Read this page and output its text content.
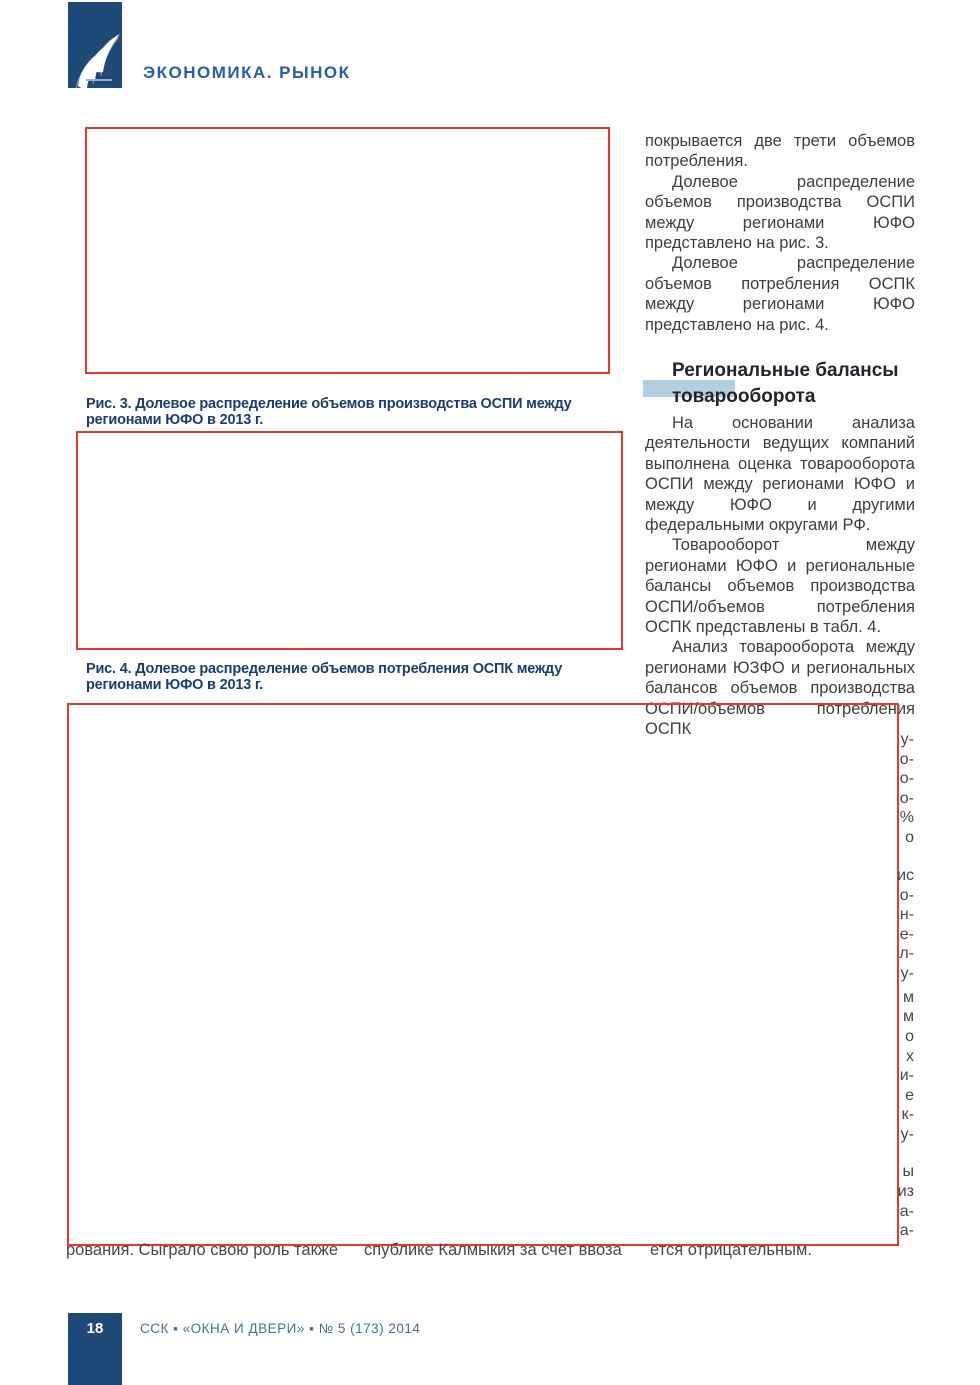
ЭКОНОМИКА. РЫНОК
Рис. 3. Долевое распределение объемов производства ОСПИ между регионами ЮФО в 2013 г.
Рис. 4. Долевое распределение объемов потребления ОСПК между регионами ЮФО в 2013 г.

покрывается две трети объемов потребления.

Долевое распределение объемов производства ОСПИ между регионами ЮФО представлено на рис. 3.

Долевое распределение объемов потребления ОСПК между регионами ЮФО представлено на рис. 4.

Региональные балансы
товарооборота

На основании анализа деятельности ведущих компаний выполнена оценка товарооборота ОСПИ между регионами ЮФО и между ЮФО и другими федеральными округами РФ.

Товарооборот между регионами ЮФО и региональные балансы объемов производства ОСПИ/объемов потребления ОСПК представлены в табл. 4.

Анализ товарооборота между регионами ЮЗФО и региональных балансов объемов производства ОСПИ/объемов потребления ОСПК

у-
о-
о-
о-
%
о
ис
о-
н-
е-
л-
у-
м
м
о
х
и-
е
к-
у-
ы
из
а-
а-
рования. Сыграло свою роль также спублике Калмыкия за счет ввоза ется отрицательным.
18	ССК ▪ «ОКНА И ДВЕРИ» ▪ № 5 (173) 2014
